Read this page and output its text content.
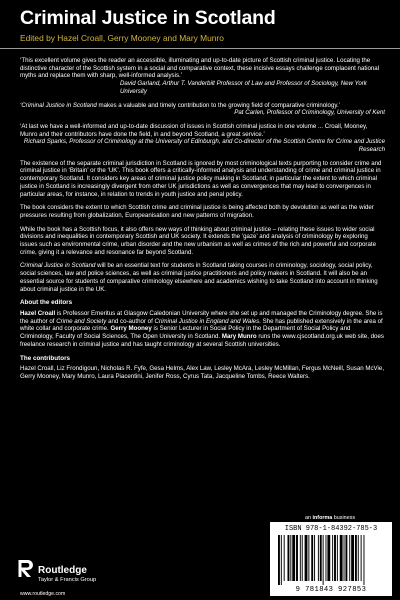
Criminal Justice in Scotland
Edited by Hazel Croall, Gerry Mooney and Mary Munro

‘This excellent volume gives the reader an accessible, illuminating and up-to-date picture of Scottish criminal justice. Locating the distinctive character of the Scottish system in a social and comparative context, these incisive essays challenge complacent national myths and replace them with sharp, well-informed analysis.’

David Garland, Arthur T. Vanderbilt Professor of Law and Professor of Sociology, New York University

‘Criminal Justice in Scotland makes a valuable and timely contribution to the growing field of comparative criminology.’

Pat Carlen, Professor of Criminology, University of Kent

‘At last we have a well-informed and up-to-date discussion of issues in Scottish criminal justice in one volume ... Croall, Mooney, Munro and their contributors have done the field, in and beyond Scotland, a great service.’

Richard Sparks, Professor of Criminology at the University of Edinburgh, and Co-director of the Scottish Centre for Crime and Justice Research

The existence of the separate criminal jurisdiction in Scotland is ignored by most criminological texts purporting to consider crime and criminal justice in ‘Britain’ or the ‘UK’. This book offers a critically-informed analysis and understanding of crime and criminal justice in contemporary Scotland. It considers key areas of criminal justice policy making in Scotland; in particular the extent to which criminal justice in Scotland is increasingly divergent from other UK jurisdictions as well as convergences that may lead to convergences in particular areas, for instance, in relation to trends in youth justice and penal policy.

The book considers the extent to which Scottish crime and criminal justice is being affected both by devolution as well as the wider pressures resulting from globalization, Europeanisation and new patterns of migration.

While the book has a Scottish focus, it also offers new ways of thinking about criminal justice – relating these issues to wider social divisions and inequalities in contemporary Scottish and UK society. It extends the ‘gaze’ and analysis of criminology by exploring issues such as environmental crime, urban disorder and the new urbanism as well as crimes of the rich and powerful and corporate crime, giving it a relevance and resonance far beyond Scotland.

Criminal Justice in Scotland will be an essential text for students in Scotland taking courses in criminology, sociology, social policy, social sciences, law and police sciences, as well as criminal justice practitioners and policy makers in Scotland. It will also be an essential source for students of comparative criminology elsewhere and academics wishing to take Scotland into account in thinking about criminal justice in the UK.

About the editors

Hazel Croall is Professor Emeritus at Glasgow Caledonian University where she set up and managed the Criminology degree. She is the author of Crime and Society and co-author of Criminal Justice in England and Wales. She has published extensively in the area of white collar and corporate crime. Gerry Mooney is Senior Lecturer in Social Policy in the Department of Social Policy and Criminology, Faculty of Social Sciences, The Open University in Scotland. Mary Munro runs the www.cjscotland.org.uk web site, does freelance research in criminal justice and has taught criminology at several Scottish universities.

The contributors

Hazel Croall, Liz Frondigoun, Nicholas R. Fyfe, Gesa Helms, Alex Law, Lesley McAra, Lesley McMillan, Fergus McNeill, Susan McVie, Gerry Mooney, Mary Munro, Laura Piacentini, Jenifer Ross, Cyrus Tata, Jacqueline Tombs, Reece Walters.

an informa business
ISBN 978-1-84392-785-3
9 781843 927853
Routledge
Taylor & Francis Group
www.routledge.com
